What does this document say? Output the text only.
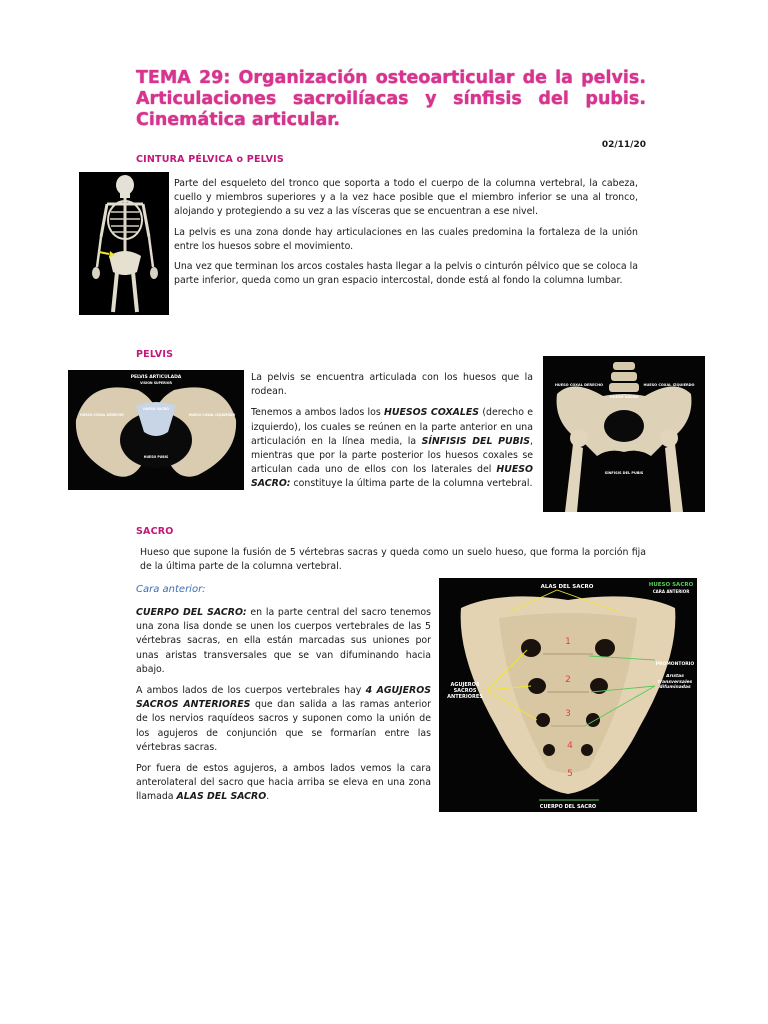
TEMA 29: Organización osteoarticular de la pelvis. Articulaciones sacroilíacas y sínfisis del pubis. Cinemática articular.
02/11/20
CINTURA PÉLVICA o PELVIS

Parte del esqueleto del tronco que soporta a todo el cuerpo de la columna vertebral, la cabeza, cuello y miembros superiores y a la vez hace posible que el miembro inferior se una al tronco, alojando y protegiendo a su vez a las vísceras que se encuentran a ese nivel.

La pelvis es una zona donde hay articulaciones en las cuales predomina la fortaleza de la unión entre los huesos sobre el movimiento.

Una vez que terminan los arcos costales hasta llegar a la pelvis o cinturón pélvico que se coloca la parte inferior, queda como un gran espacio intercostal, donde está al fondo la columna lumbar.

PELVIS
PELVIS ARTICULADA
VISION SUPERIOR
HUESO SACRO
HUESO COXAL DERECHO	HUESO COXAL IZQUIERDO
HUESO PUBIS

La pelvis se encuentra articulada con los huesos que la rodean.

Tenemos a ambos lados los HUESOS COXALES (derecho e izquierdo), los cuales se reúnen en la parte anterior en una articulación en la línea media, la SÍNFISIS DEL PUBIS, mientras que por la parte posterior los huesos coxales se articulan cada uno de ellos con los laterales del HUESO SACRO: constituye la última parte de la columna vertebral.

HUESO COXAL DERECHO	HUESO COXAL IZQUIERDO
HUESO SACRO
SÍNFISIS DEL PUBIS
SACRO

Hueso que supone la fusión de 5 vértebras sacras y queda como un suelo hueso, que forma la porción fija de la última parte de la columna vertebral.

Cara anterior:

CUERPO DEL SACRO: en la parte central del sacro tenemos una zona lisa donde se unen los cuerpos vertebrales de las 5 vértebras sacras, en ella están marcadas sus uniones por unas aristas transversales que se van difuminando hacia abajo.

A ambos lados de los cuerpos vertebrales hay 4 AGUJEROS SACROS ANTERIORES que dan salida a las ramas anterior de los nervios raquídeos sacros y suponen como la unión de los agujeros de conjunción que se formarían entre las vértebras sacras.

Por fuera de estos agujeros, a ambos lados vemos la cara anterolateral del sacro que hacia arriba se eleva en una zona llamada ALAS DEL SACRO.

1
2
3
4
5
ALAS DEL SACRO	HUESO SACRO
CARA ANTERIOR
PROMONTORIO
AGUJEROS SACROS ANTERIORES
Aristas transversales difuminadas
CUERPO DEL SACRO
